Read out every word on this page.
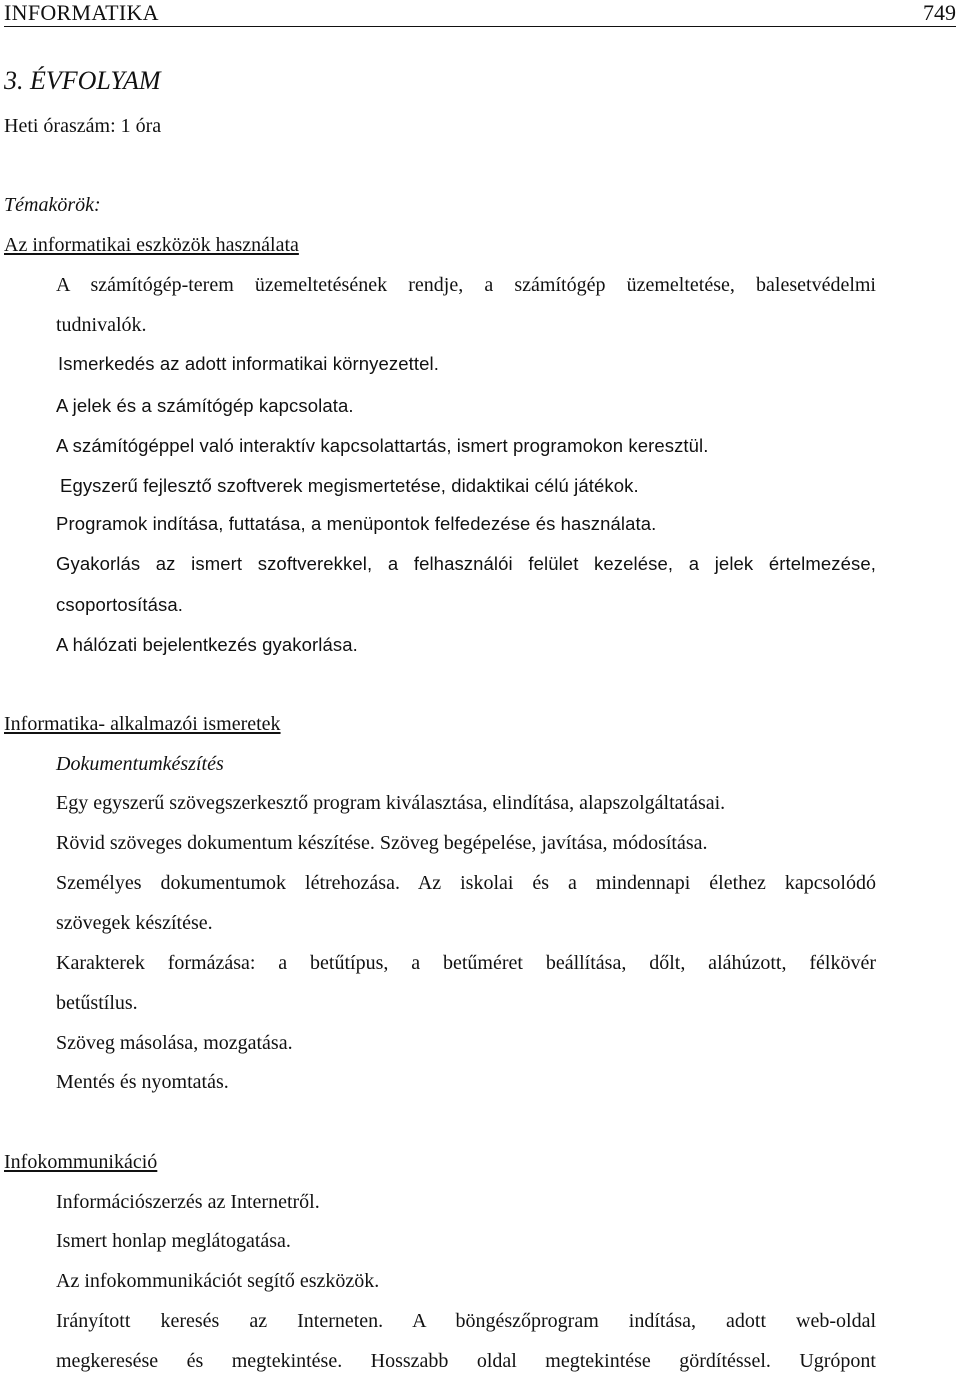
INFORMATIKA	749
3. ÉVFOLYAM
Heti óraszám: 1 óra
Témakörök:
Az informatikai eszközök használata
A számítógép-terem üzemeltetésének rendje, a számítógép üzemeltetése, balesetvédelmi
tudnivalók.
Ismerkedés az adott informatikai környezettel.
A jelek és a számítógép kapcsolata.
A számítógéppel való interaktív kapcsolattartás, ismert programokon keresztül.
Egyszerű fejlesztő szoftverek megismertetése, didaktikai célú játékok.
Programok indítása, futtatása, a menüpontok felfedezése és használata.
Gyakorlás az ismert szoftverekkel, a felhasználói felület kezelése, a jelek értelmezése,
csoportosítása.
A hálózati bejelentkezés gyakorlása.
Informatika- alkalmazói ismeretek
Dokumentumkészítés
Egy egyszerű szövegszerkesztő program kiválasztása, elindítása, alapszolgáltatásai.
Rövid szöveges dokumentum készítése. Szöveg begépelése, javítása, módosítása.
Személyes dokumentumok létrehozása. Az iskolai és a mindennapi élethez kapcsolódó
szövegek készítése.
Karakterek formázása: a betűtípus, a betűméret beállítása, dőlt, aláhúzott, félkövér
betűstílus.
Szöveg másolása, mozgatása.
Mentés és nyomtatás.
Infokommunikáció
Információszerzés az Internetről.
Ismert honlap meglátogatása.
Az infokommunikációt segítő eszközök.
Irányított keresés az Interneten. A böngészőprogram indítása, adott web-oldal
megkeresése és megtekintése. Hosszabb oldal megtekintése gördítéssel. Ugrópont
